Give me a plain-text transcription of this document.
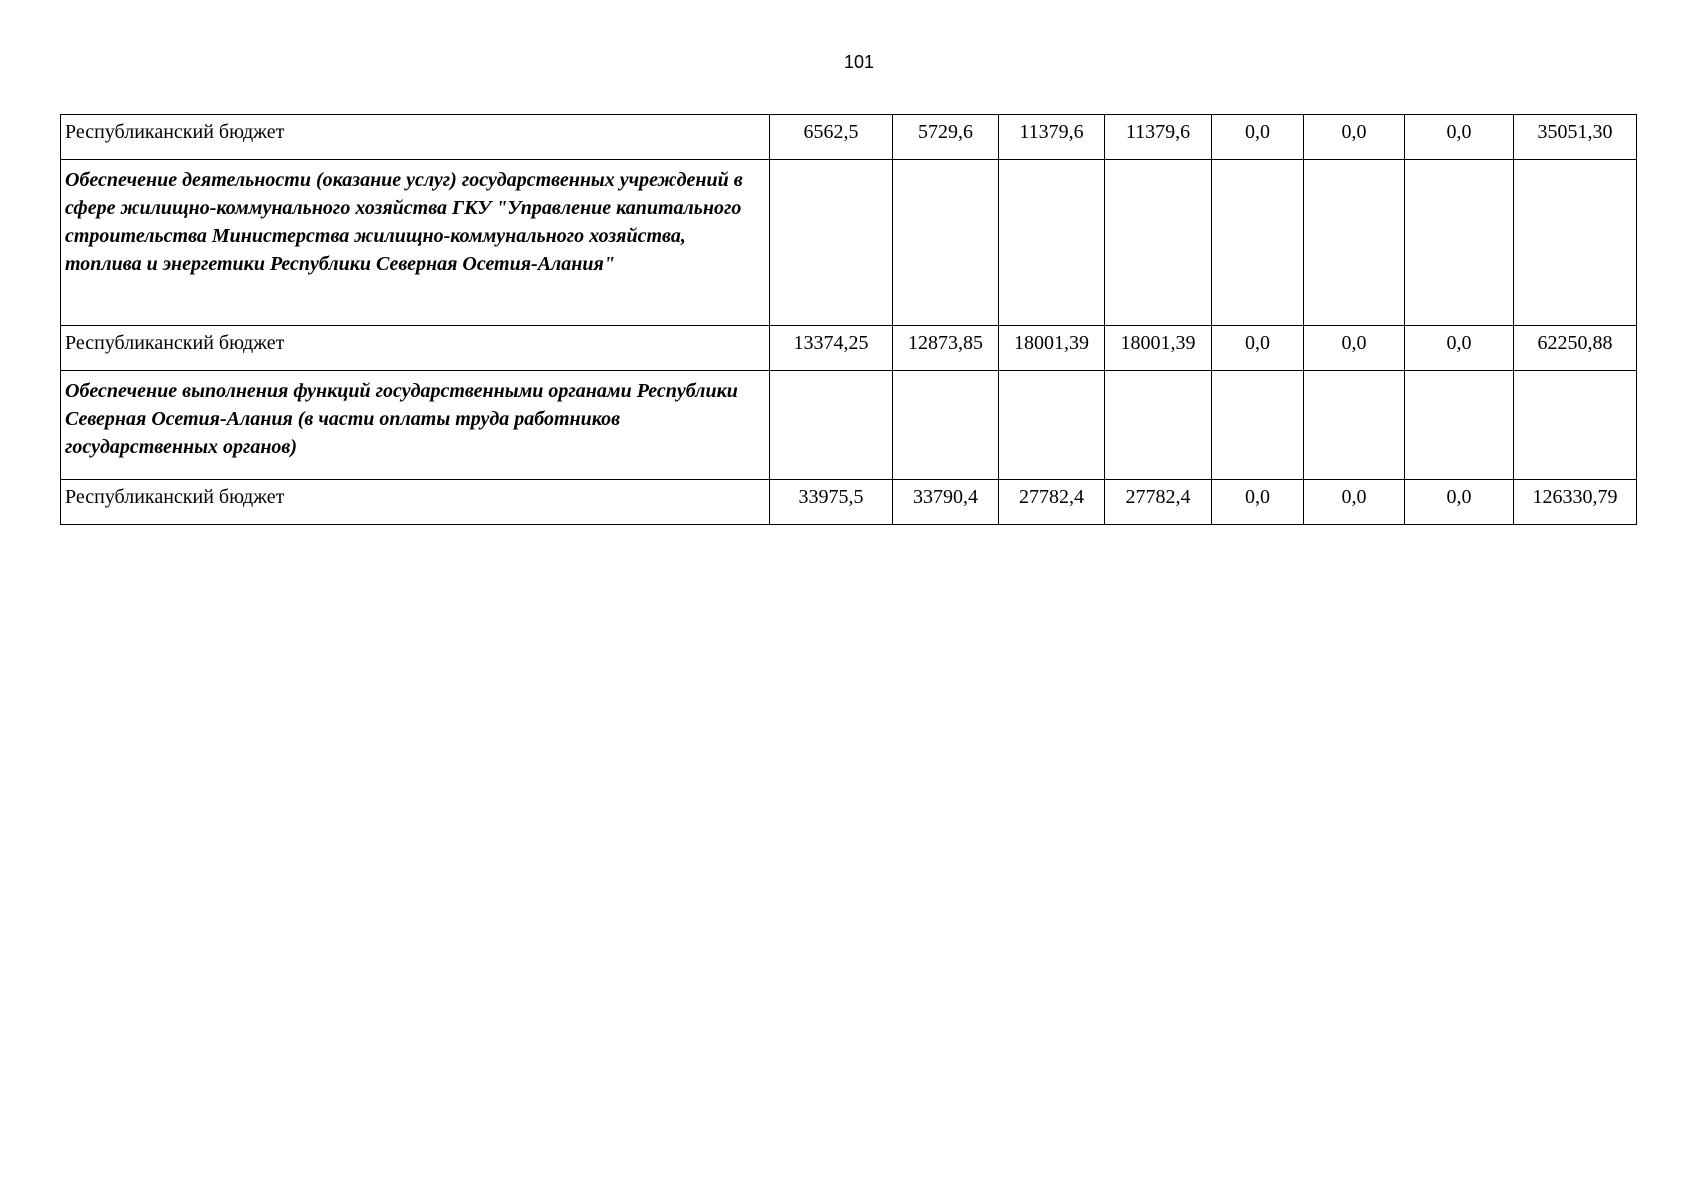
101
Республиканский бюджет	6562,5	5729,6	11379,6	11379,6	0,0	0,0	0,0	35051,30
Обеспечение деятельности (оказание услуг) государственных учреждений в сфере жилищно-коммунального хозяйства ГКУ "Управление капитального строительства Министерства жилищно-коммунального хозяйства, топлива и энергетики Республики Северная Осетия-Алания"								
Республиканский бюджет	13374,25	12873,85	18001,39	18001,39	0,0	0,0	0,0	62250,88
Обеспечение выполнения функций государственными органами Республики Северная Осетия-Алания (в части оплаты труда работников государственных органов)								
Республиканский бюджет	33975,5	33790,4	27782,4	27782,4	0,0	0,0	0,0	126330,79
